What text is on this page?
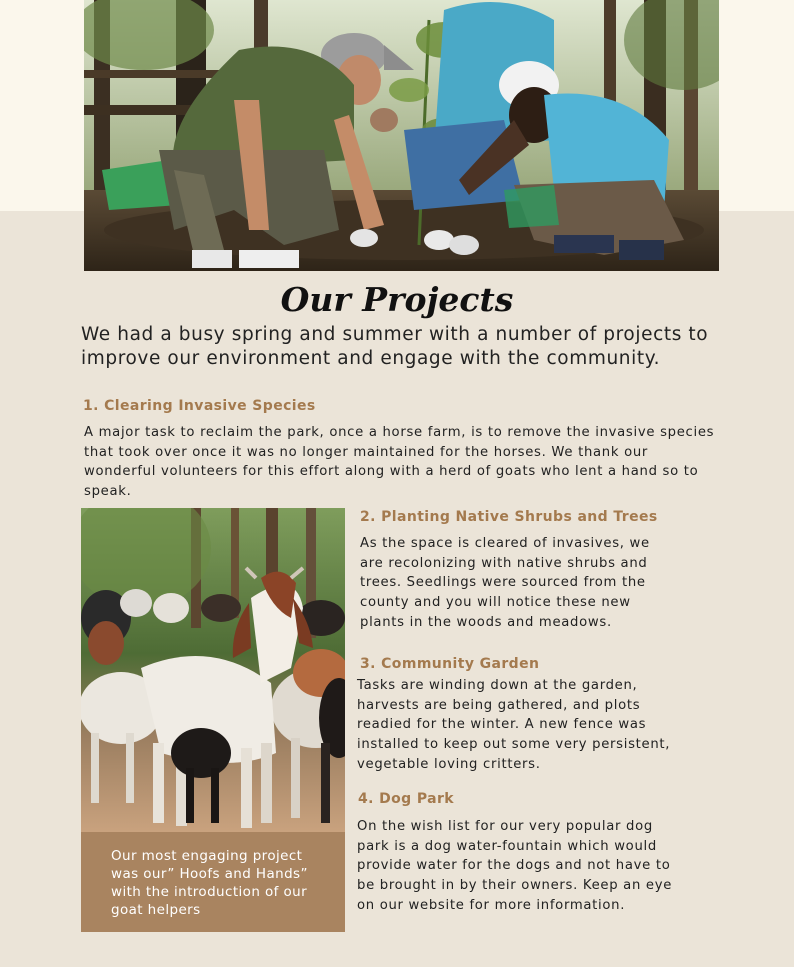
Our Projects
We had a busy spring and summer with a number of projects to improve our environment and engage with the community.
1. Clearing Invasive Species
A major task to reclaim the park, once a horse farm, is to remove the invasive species that took over once it was no longer maintained for the horses. We thank our wonderful volunteers for this effort along with a herd of goats who lent a hand so to speak.
Our most engaging project was our” Hoofs and Hands” with the introduction of our goat helpers
2. Planting Native Shrubs and Trees
As the space is cleared of invasives, we are recolonizing with native shrubs and trees. Seedlings were sourced from the county and you will notice these new plants in the woods and meadows.
3. Community Garden
Tasks are winding down at the garden, harvests are being gathered, and plots readied for the winter. A new fence was installed to keep out some very persistent, vegetable loving critters.
4. Dog Park
On the wish list for our very popular dog park is a dog water-fountain which would provide water for the dogs and not have to be brought in by their owners. Keep an eye on our website for more information.
